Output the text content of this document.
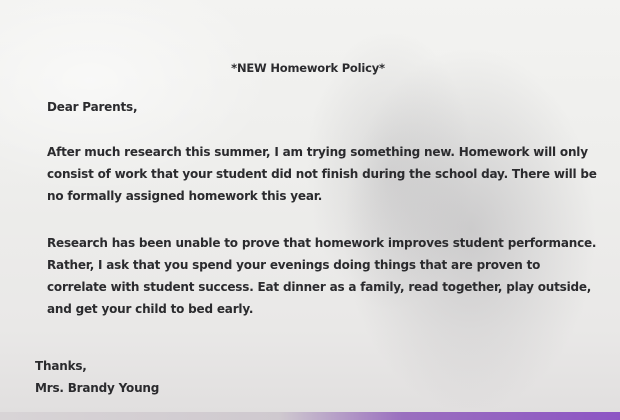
*NEW Homework Policy*
Dear Parents,

After much research this summer, I am trying something new. Homework will only
consist of work that your student did not finish during the school day. There will be
no formally assigned homework this year.

Research has been unable to prove that homework improves student performance.
Rather, I ask that you spend your evenings doing things that are proven to
correlate with student success. Eat dinner as a family, read together, play outside,
and get your child to bed early.

Thanks,
Mrs. Brandy Young
